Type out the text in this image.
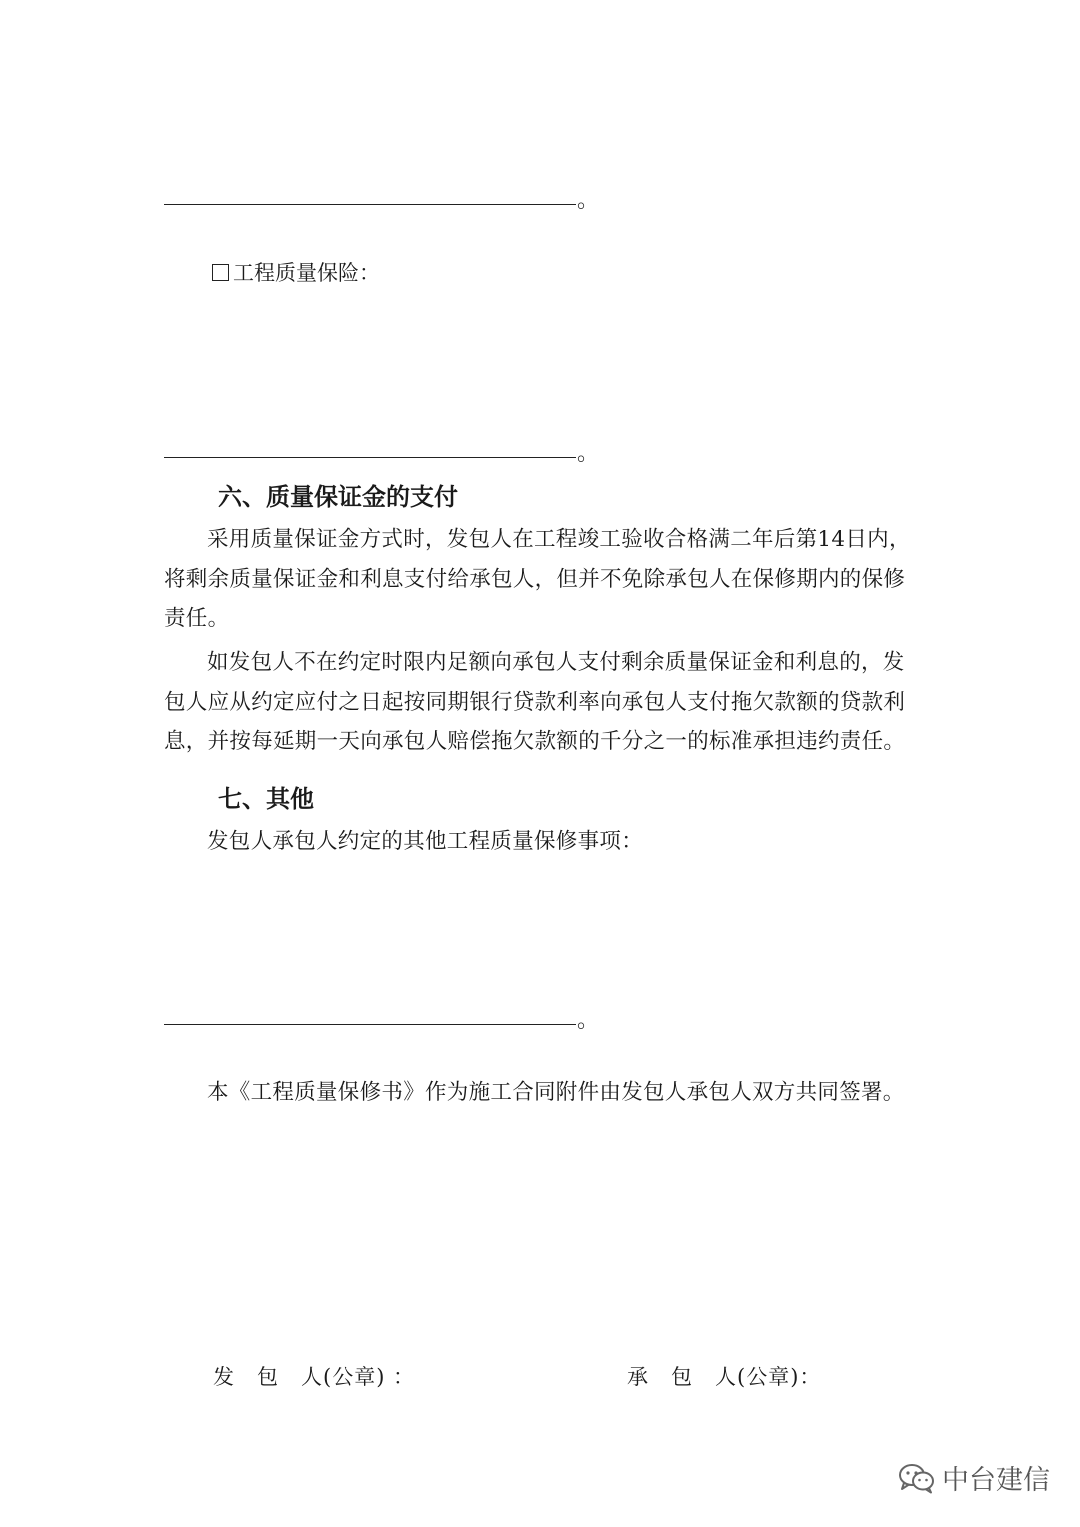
。
工程质量保险：
。
六、质量保证金的支付
采用质量保证金方式时，发包人在工程竣工验收合格满二年后第14日内，
将剩余质量保证金和利息支付给承包人，但并不免除承包人在保修期内的保修
责任。
如发包人不在约定时限内足额向承包人支付剩余质量保证金和利息的，发
包人应从约定应付之日起按同期银行贷款利率向承包人支付拖欠款额的贷款利
息，并按每延期一天向承包人赔偿拖欠款额的千分之一的标准承担违约责任。
七、其他
发包人承包人约定的其他工程质量保修事项：
。
本《工程质量保修书》作为施工合同附件由发包人承包人双方共同签署。
发　包　人(公章) ：	承　包　人(公章)：
中台建信
